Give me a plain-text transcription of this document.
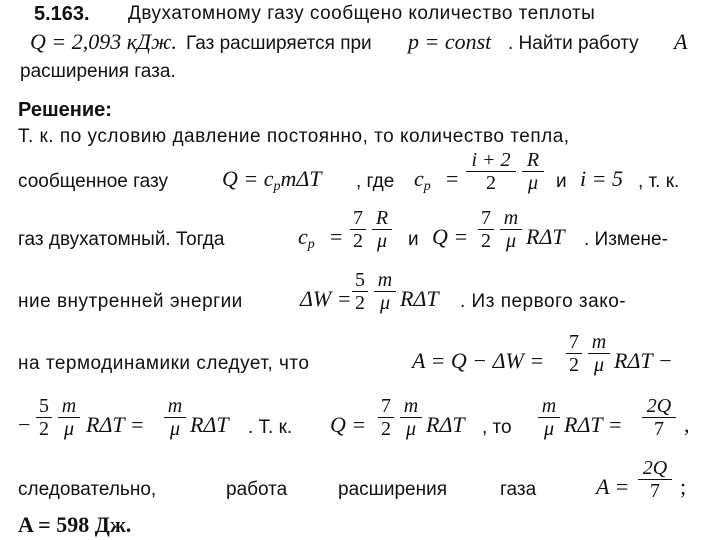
5.163. Двухатомному газу сообщено количество теплоты
Q = 2,093 кДж. Газ расширяется при p = const . Найти работу A
расширения газа.
Решение:
Т. к. по условию давление постоянно, то количество тепла,
сообщенное газу $Q = c_pm\Delta T$ , где $c_p$ =
i + 2
2
R
μ и i = 5 , т. к.
газ двухатомный. Тогда	$c_p$ =
7
2
R
μ и Q =
7
2
m
μ RΔT . Измене-
ние внутренней энергии	ΔW =
5
2
m
μ RΔT . Из первого зако-
на термодинамики следует, что	A = Q − ΔW =
7
2
m
μ RΔT −
−
5
2
m
μ RΔT =
m
μ RΔT . Т. к. Q =
7
2
m
μ RΔT , то
m
μ RΔT =
2Q
7 ,
следовательно,	работа	расширения	газа	A =
2Q
7 ;
A = 598 Дж.
